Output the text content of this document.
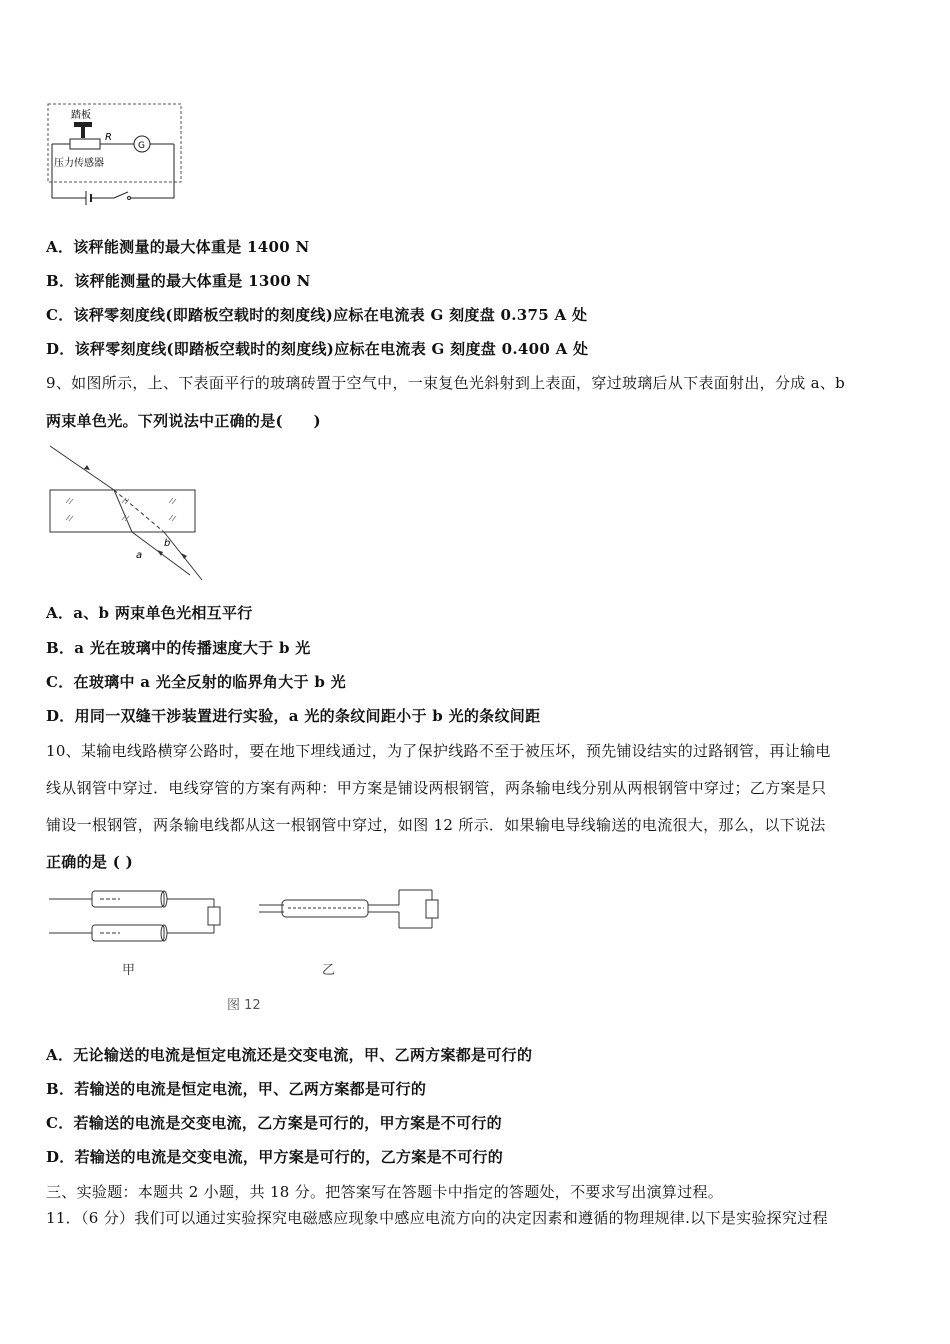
踏板
R
G
压力传感器
A．该秤能测量的最大体重是 1400 N
B．该秤能测量的最大体重是 1300 N
C．该秤零刻度线(即踏板空载时的刻度线)应标在电流表 G 刻度盘 0.375 A 处
D．该秤零刻度线(即踏板空载时的刻度线)应标在电流表 G 刻度盘 0.400 A 处
9、如图所示，上、下表面平行的玻璃砖置于空气中，一束复色光斜射到上表面，穿过玻璃后从下表面射出，分成 a、b
两束单色光。下列说法中正确的是(　　)
a
b
A．a、b 两束单色光相互平行
B．a 光在玻璃中的传播速度大于 b 光
C．在玻璃中 a 光全反射的临界角大于 b 光
D．用同一双缝干涉装置进行实验，a 光的条纹间距小于 b 光的条纹间距
10、某输电线路横穿公路时，要在地下埋线通过，为了保护线路不至于被压坏，预先铺设结实的过路钢管，再让输电
线从钢管中穿过．电线穿管的方案有两种：甲方案是铺设两根钢管，两条输电线分别从两根钢管中穿过；乙方案是只
铺设一根钢管，两条输电线都从这一根钢管中穿过，如图 12 所示．如果输电导线输送的电流很大，那么，以下说法
正确的是 ( )
甲	乙
图 12
A．无论输送的电流是恒定电流还是交变电流，甲、乙两方案都是可行的
B．若输送的电流是恒定电流，甲、乙两方案都是可行的
C．若输送的电流是交变电流，乙方案是可行的，甲方案是不可行的
D．若输送的电流是交变电流，甲方案是可行的，乙方案是不可行的
三、实验题：本题共 2 小题，共 18 分。把答案写在答题卡中指定的答题处，不要求写出演算过程。
11．（6 分）我们可以通过实验探究电磁感应现象中感应电流方向的决定因素和遵循的物理规律.以下是实验探究过程
